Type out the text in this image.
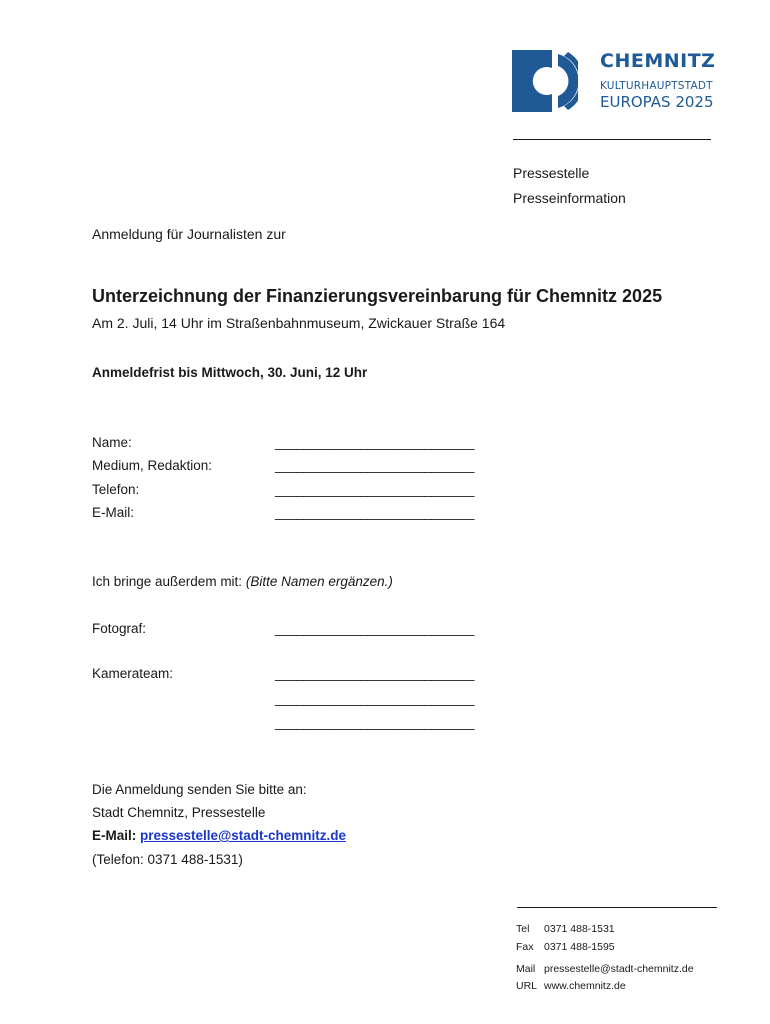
CHEMNITZ
KULTURHAUPTSTADT
EUROPAS 2025
Pressestelle
Presseinformation
Anmeldung für Journalisten zur
Unterzeichnung der Finanzierungsvereinbarung für Chemnitz 2025
Am 2. Juli, 14 Uhr im Straßenbahnmuseum, Zwickauer Straße 164
Anmeldefrist bis Mittwoch, 30. Juni, 12 Uhr
Name:	____________________________
Medium, Redaktion:	____________________________
Telefon:	____________________________
E-Mail:	____________________________
Ich bringe außerdem mit: (Bitte Namen ergänzen.)
Fotograf:	____________________________
Kamerateam:	____________________________
____________________________
____________________________
Die Anmeldung senden Sie bitte an:
Stadt Chemnitz, Pressestelle
E-Mail: pressestelle@stadt-chemnitz.de
(Telefon: 0371 488-1531)
Tel 0371 488-1531
Fax 0371 488-1595
Mail pressestelle@stadt-chemnitz.de
URL www.chemnitz.de
